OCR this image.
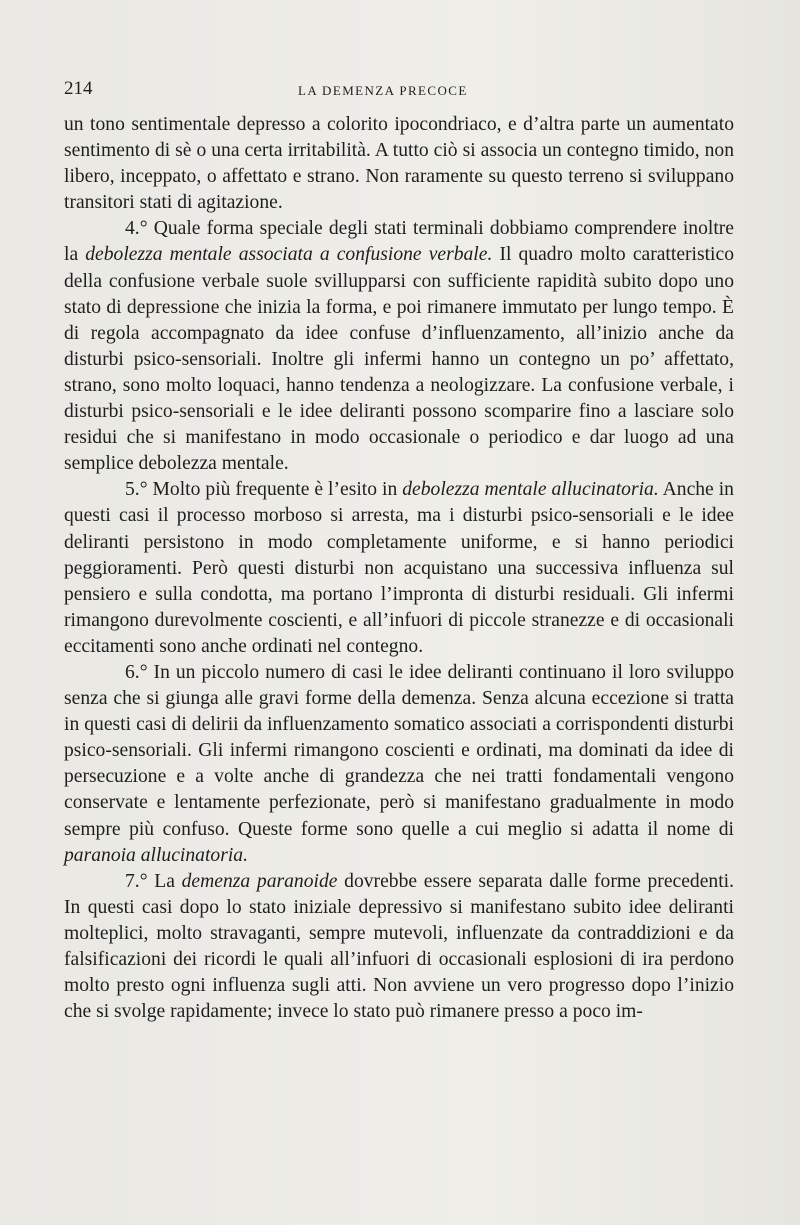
214	LA DEMENZA PRECOCE

un tono sentimentale depresso a colorito ipocondriaco, e d’altra parte un aumentato sentimento di sè o una certa irritabilità. A tutto ciò si associa un contegno timido, non libero, inceppato, o affettato e strano. Non raramente su questo terreno si sviluppano transitori stati di agitazione.

4.° Quale forma speciale degli stati terminali dobbiamo comprendere inoltre la debolezza mentale associata a confusione verbale. Il quadro molto caratteristico della confusione verbale suole svillupparsi con sufficiente rapidità subito dopo uno stato di depressione che inizia la forma, e poi rimanere immutato per lungo tempo. È di regola accompagnato da idee confuse d’influenzamento, all’inizio anche da disturbi psico-sensoriali. Inoltre gli infermi hanno un contegno un po’ affettato, strano, sono molto loquaci, hanno tendenza a neologizzare. La confusione verbale, i disturbi psico-sensoriali e le idee deliranti possono scomparire fino a lasciare solo residui che si manifestano in modo occasionale o periodico e dar luogo ad una semplice debolezza mentale.

5.° Molto più frequente è l’esito in debolezza mentale allucinatoria. Anche in questi casi il processo morboso si arresta, ma i disturbi psico-sensoriali e le idee deliranti persistono in modo completamente uniforme, e si hanno periodici peggioramenti. Però questi disturbi non acquistano una successiva influenza sul pensiero e sulla condotta, ma portano l’impronta di disturbi residuali. Gli infermi rimangono durevolmente coscienti, e all’infuori di piccole stranezze e di occasionali eccitamenti sono anche ordinati nel contegno.

6.° In un piccolo numero di casi le idee deliranti continuano il loro sviluppo senza che si giunga alle gravi forme della demenza. Senza alcuna eccezione si tratta in questi casi di delirii da influenzamento somatico associati a corrispondenti disturbi psico-sensoriali. Gli infermi rimangono coscienti e ordinati, ma dominati da idee di persecuzione e a volte anche di grandezza che nei tratti fondamentali vengono conservate e lentamente perfezionate, però si manifestano gradualmente in modo sempre più confuso. Queste forme sono quelle a cui meglio si adatta il nome di paranoia allucinatoria.

7.° La demenza paranoide dovrebbe essere separata dalle forme precedenti. In questi casi dopo lo stato iniziale depressivo si manifestano subito idee deliranti molteplici, molto stravaganti, sempre mutevoli, influenzate da contraddizioni e da falsificazioni dei ricordi le quali all’infuori di occasionali esplosioni di ira perdono molto presto ogni influenza sugli atti. Non avviene un vero progresso dopo l’inizio che si svolge rapidamente; invece lo stato può rimanere presso a poco im-
